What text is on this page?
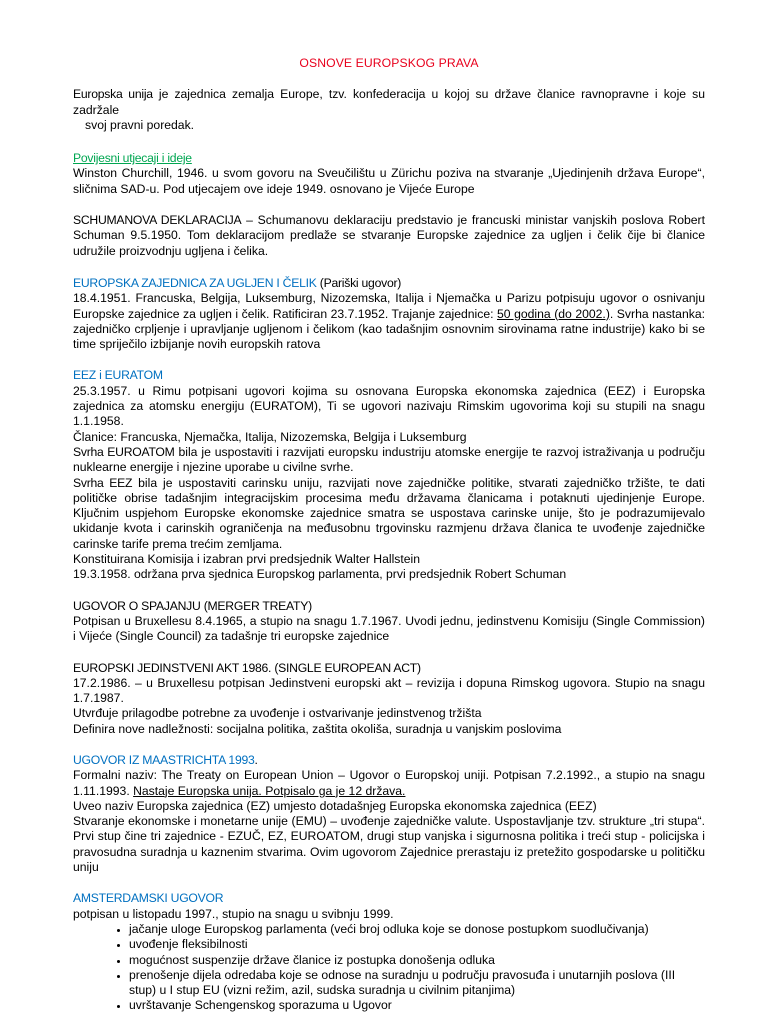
OSNOVE EUROPSKOG PRAVA

Europska unija je zajednica zemalja Europe, tzv. konfederacija u kojoj su države članice ravnopravne i koje su zadržale

svoj pravni poredak.

Povijesni utjecaji i ideje

Winston Churchill, 1946. u svom govoru na Sveučilištu u Zürichu poziva na stvaranje „Ujedinjenih država Europe“, sličnima SAD-u. Pod utjecajem ove ideje 1949. osnovano je Vijeće Europe

SCHUMANOVA DEKLARACIJA – Schumanovu deklaraciju predstavio je francuski ministar vanjskih poslova Robert Schuman 9.5.1950. Tom deklaracijom predlaže se stvaranje Europske zajednice za ugljen i čelik čije bi članice udružile proizvodnju ugljena i čelika.

EUROPSKA ZAJEDNICA ZA UGLJEN I ČELIK (Pariški ugovor)

18.4.1951. Francuska, Belgija, Luksemburg, Nizozemska, Italija i Njemačka u Parizu potpisuju ugovor o osnivanju Europske zajednice za ugljen i čelik. Ratificiran 23.7.1952. Trajanje zajednice: 50 godina (do 2002.). Svrha nastanka: zajedničko crpljenje i upravljanje ugljenom i čelikom (kao tadašnjim osnovnim sirovinama ratne industrije) kako bi se time spriječilo izbijanje novih europskih ratova

EEZ i EURATOM

25.3.1957. u Rimu potpisani ugovori kojima su osnovana Europska ekonomska zajednica (EEZ) i Europska zajednica za atomsku energiju (EURATOM), Ti se ugovori nazivaju Rimskim ugovorima koji su stupili na snagu 1.1.1958.

Članice: Francuska, Njemačka, Italija, Nizozemska, Belgija i Luksemburg

Svrha EUROATOM bila je uspostaviti i razvijati europsku industriju atomske energije te razvoj istraživanja u području nuklearne energije i njezine uporabe u civilne svrhe.

Svrha EEZ bila je uspostaviti carinsku uniju, razvijati nove zajedničke politike, stvarati zajedničko tržište, te dati političke obrise tadašnjim integracijskim procesima među državama članicama i potaknuti ujedinjenje Europe. Ključnim uspjehom Europske ekonomske zajednice smatra se uspostava carinske unije, što je podrazumijevalo ukidanje kvota i carinskih ograničenja na međusobnu trgovinsku razmjenu država članica te uvođenje zajedničke carinske tarife prema trećim zemljama.

Konstituirana Komisija i izabran prvi predsjednik Walter Hallstein

19.3.1958. održana prva sjednica Europskog parlamenta, prvi predsjednik Robert Schuman

UGOVOR O SPAJANJU (MERGER TREATY)

Potpisan u Bruxellesu 8.4.1965, a stupio na snagu 1.7.1967. Uvodi jednu, jedinstvenu Komisiju (Single Commission) i Vijeće (Single Council) za tadašnje tri europske zajednice

EUROPSKI JEDINSTVENI AKT 1986. (SINGLE EUROPEAN ACT)

17.2.1986. – u Bruxellesu potpisan Jedinstveni europski akt – revizija i dopuna Rimskog ugovora. Stupio na snagu 1.7.1987.

Utvrđuje prilagodbe potrebne za uvođenje i ostvarivanje jedinstvenog tržišta

Definira nove nadležnosti: socijalna politika, zaštita okoliša, suradnja u vanjskim poslovima

UGOVOR IZ MAASTRICHTA 1993.

Formalni naziv: The Treaty on European Union – Ugovor o Europskoj uniji. Potpisan 7.2.1992., a stupio na snagu 1.11.1993. Nastaje Europska unija. Potpisalo ga je 12 država.

Uveo naziv Europska zajednica (EZ) umjesto dotadašnjeg Europska ekonomska zajednica (EEZ)

Stvaranje ekonomske i monetarne unije (EMU) – uvođenje zajedničke valute. Uspostavljanje tzv. strukture „tri stupa“. Prvi stup čine tri zajednice - EZUČ, EZ, EUROATOM, drugi stup vanjska i sigurnosna politika i treći stup - policijska i pravosudna suradnja u kaznenim stvarima. Ovim ugovorom Zajednice prerastaju iz pretežito gospodarske u političku uniju

AMSTERDAMSKI UGOVOR

potpisan u listopadu 1997., stupio na snagu u svibnju 1999.

• jačanje uloge Europskog parlamenta (veći broj odluka koje se donose postupkom suodlučivanja)
• uvođenje fleksibilnosti
• mogućnost suspenzije države članice iz postupka donošenja odluka
• prenošenje dijela odredaba koje se odnose na suradnju u području pravosuđa i unutarnjih poslova (III stup) u I stup EU (vizni režim, azil, sudska suradnja u civilnim pitanjima)
• uvrštavanje Schengenskog sporazuma u Ugovor
